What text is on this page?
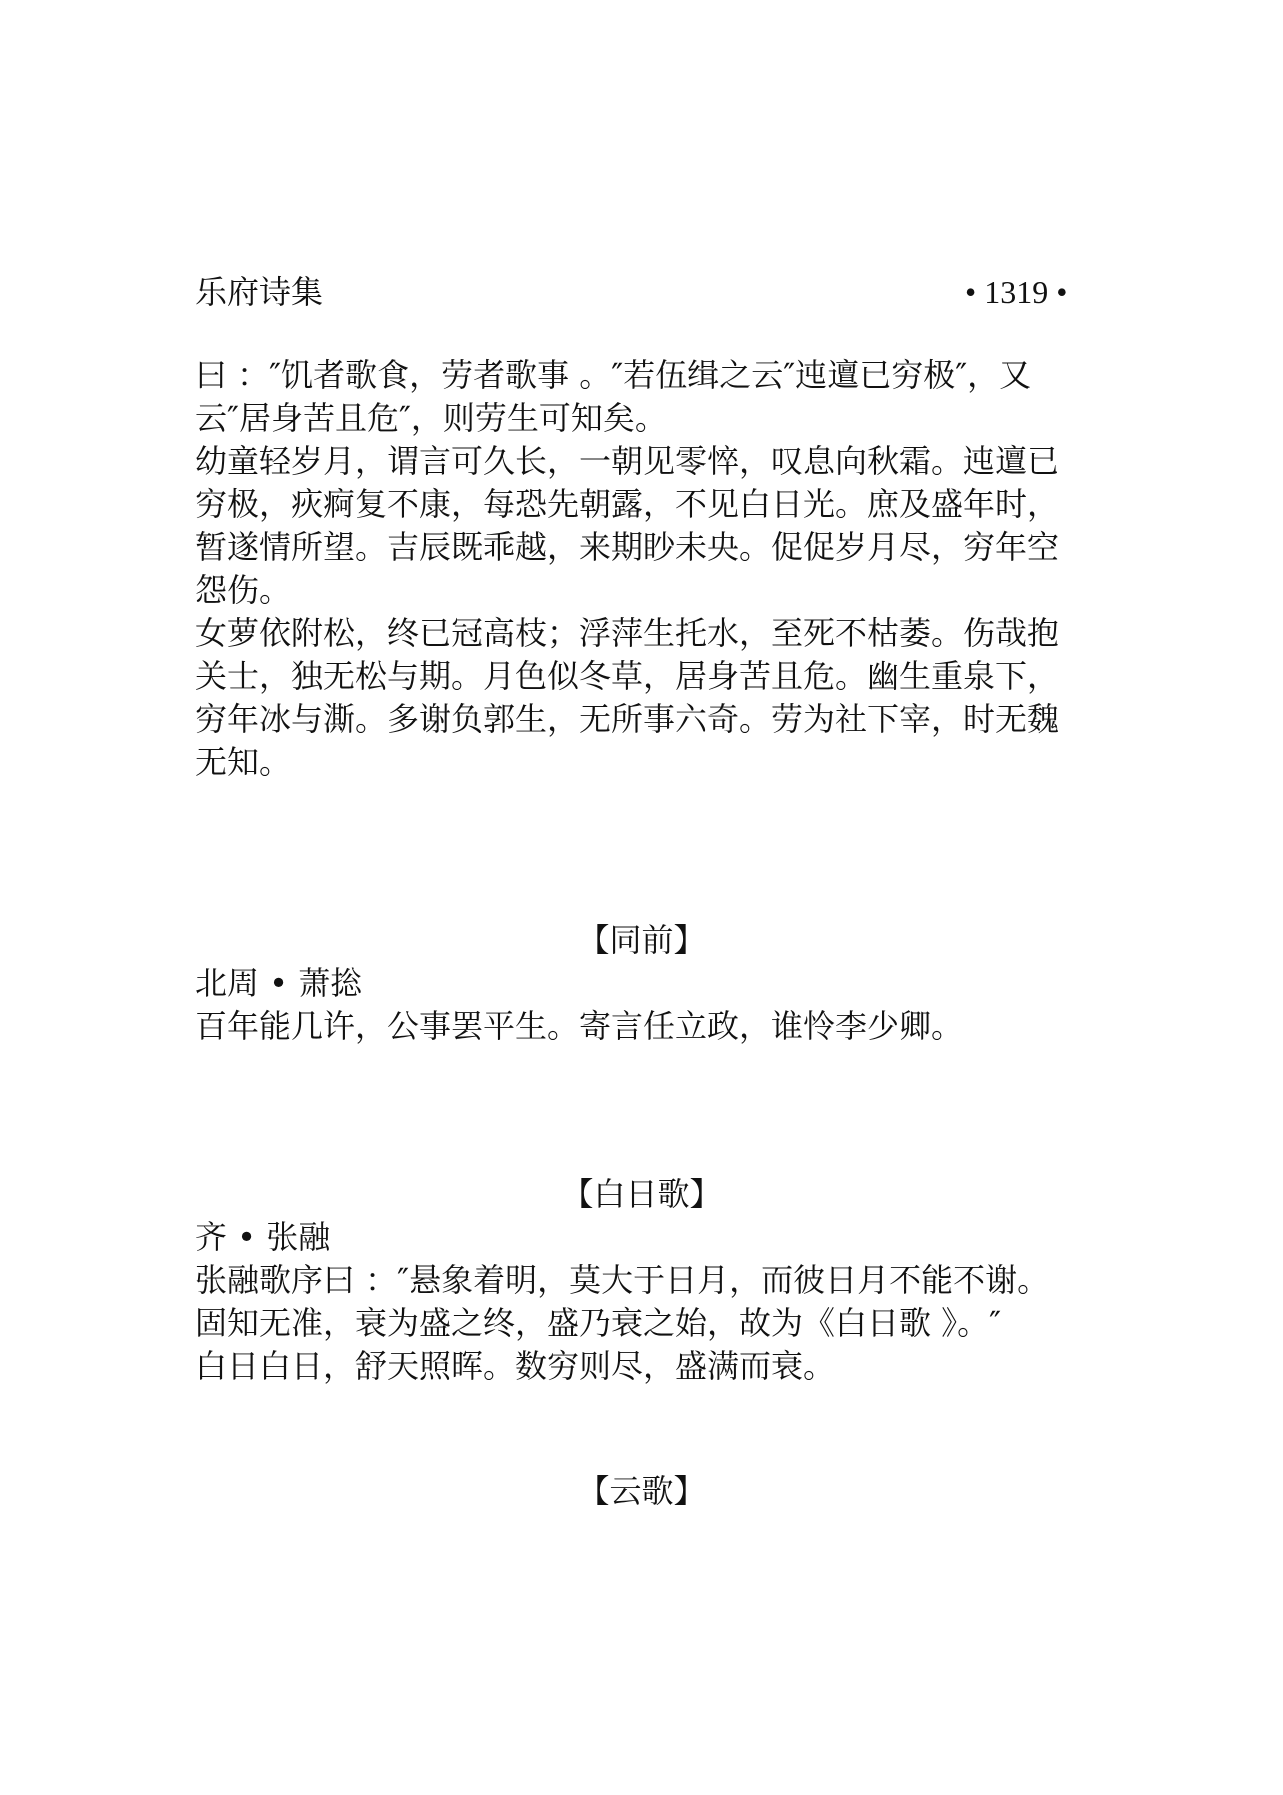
乐府诗集	• 1319 •
曰 ：″饥者歌食，劳者歌事 。″若伍缉之云″迍邅已穷极″，又
云″居身苦且危″，则劳生可知矣。
幼童轻岁月，谓言可久长，一朝见零悴，叹息向秋霜。迍邅已
穷极，疢痾复不康，每恐先朝露，不见白日光。庶及盛年时，
暂遂情所望。吉辰既乖越，来期眇未央。促促岁月尽，穷年空
怨伤。
女萝依附松，终已冠高枝；浮萍生托水，至死不枯萎。伤哉抱
关士，独无松与期。月色似冬草，居身苦且危。幽生重泉下，
穷年冰与澌。多谢负郭生，无所事六奇。劳为社下宰，时无魏
无知。
【同前】
北周 • 萧捴
百年能几许，公事罢平生。寄言任立政，谁怜李少卿。
【白日歌】
齐 • 张融
张融歌序曰 ：″悬象着明，莫大于日月，而彼日月不能不谢。
固知无准，衰为盛之终，盛乃衰之始，故为《白日歌 》。″
白日白日，舒天照晖。数穷则尽，盛满而衰。
【云歌】
